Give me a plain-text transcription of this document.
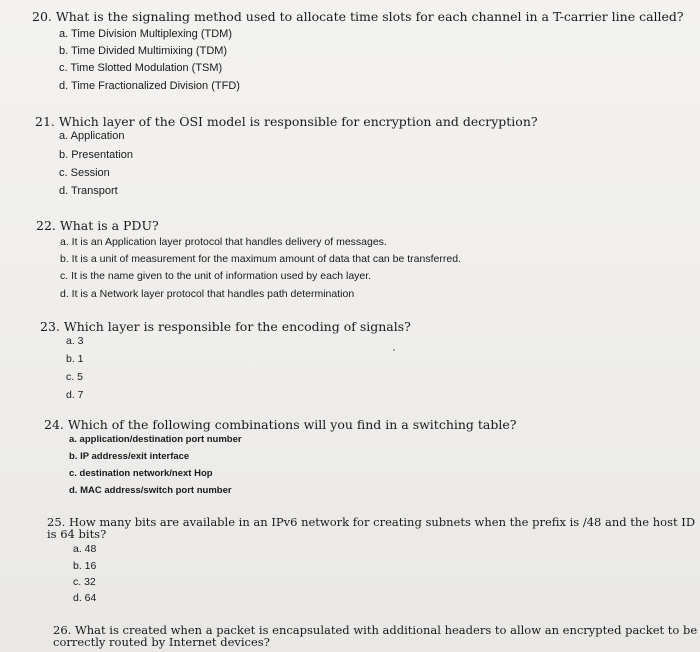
20. What is the signaling method used to allocate time slots for each channel in a T-carrier line called?
a. Time Division Multiplexing (TDM)
b. Time Divided Multimixing (TDM)
c. Time Slotted Modulation (TSM)
d. Time Fractionalized Division (TFD)
21. Which layer of the OSI model is responsible for encryption and decryption?
a. Application
b. Presentation
c. Session
d. Transport
22. What is a PDU?
a. It is an Application layer protocol that handles delivery of messages.
b. It is a unit of measurement for the maximum amount of data that can be transferred.
c. It is the name given to the unit of information used by each layer.
d. It is a Network layer protocol that handles path determination
23. Which layer is responsible for the encoding of signals?
a. 3
b. 1
c. 5
d. 7
24. Which of the following combinations will you find in a switching table?
a. application/destination port number
b. IP address/exit interface
c. destination network/next Hop
d. MAC address/switch port number
25. How many bits are available in an IPv6 network for creating subnets when the prefix is /48 and the host ID
is 64 bits?
a. 48
b. 16
c. 32
d. 64
26. What is created when a packet is encapsulated with additional headers to allow an encrypted packet to be
correctly routed by Internet devices?
